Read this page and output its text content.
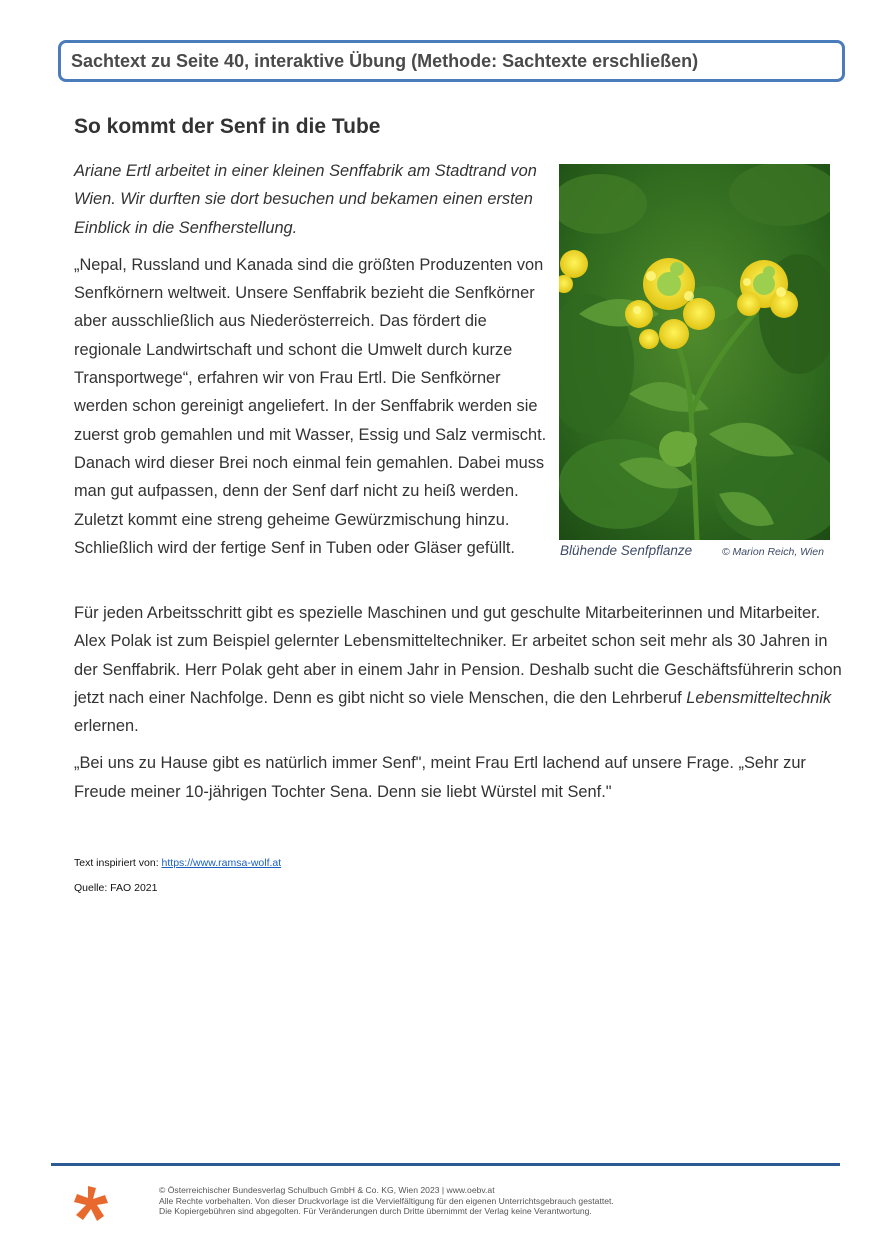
Sachtext zu Seite 40, interaktive Übung (Methode: Sachtexte erschließen)
So kommt der Senf in die Tube

Ariane Ertl arbeitet in einer kleinen Senffabrik am Stadtrand von Wien. Wir durften sie dort besuchen und bekamen einen ersten Einblick in die Senfherstellung.

„Nepal, Russland und Kanada sind die größten Produzenten von Senfkörnern weltweit. Unsere Senffabrik bezieht die Senfkörner aber ausschließlich aus Niederösterreich. Das fördert die regionale Landwirtschaft und schont die Umwelt durch kurze Transportwege“, erfahren wir von Frau Ertl. Die Senfkörner werden schon gereinigt angeliefert. In der Senffabrik werden sie zuerst grob gemahlen und mit Wasser, Essig und Salz vermischt. Danach wird dieser Brei noch einmal fein gemahlen. Dabei muss man gut aufpassen, denn der Senf darf nicht zu heiß werden. Zuletzt kommt eine streng geheime Gewürzmischung hinzu. Schließlich wird der fertige Senf in Tuben oder Gläser gefüllt.	Blühende Senfpflanze	© Marion Reich, Wien

Für jeden Arbeitsschritt gibt es spezielle Maschinen und gut geschulte Mitarbeiterinnen und Mitarbeiter. Alex Polak ist zum Beispiel gelernter Lebensmitteltechniker. Er arbeitet schon seit mehr als 30 Jahren in der Senffabrik. Herr Polak geht aber in einem Jahr in Pension. Deshalb sucht die Geschäftsführerin schon jetzt nach einer Nachfolge. Denn es gibt nicht so viele Menschen, die den Lehrberuf Lebensmitteltechnik erlernen.

„Bei uns zu Hause gibt es natürlich immer Senf", meint Frau Ertl lachend auf unsere Frage. „Sehr zur Freude meiner 10-jährigen Tochter Sena. Denn sie liebt Würstel mit Senf."

Text inspiriert von: https://www.ramsa-wolf.at
Quelle: FAO 2021
© Österreichischer Bundesverlag Schulbuch GmbH & Co. KG, Wien 2023 | www.oebv.at
Alle Rechte vorbehalten. Von dieser Druckvorlage ist die Vervielfältigung für den eigenen Unterrichtsgebrauch gestattet.
Die Kopiergebühren sind abgegolten. Für Veränderungen durch Dritte übernimmt der Verlag keine Verantwortung.
